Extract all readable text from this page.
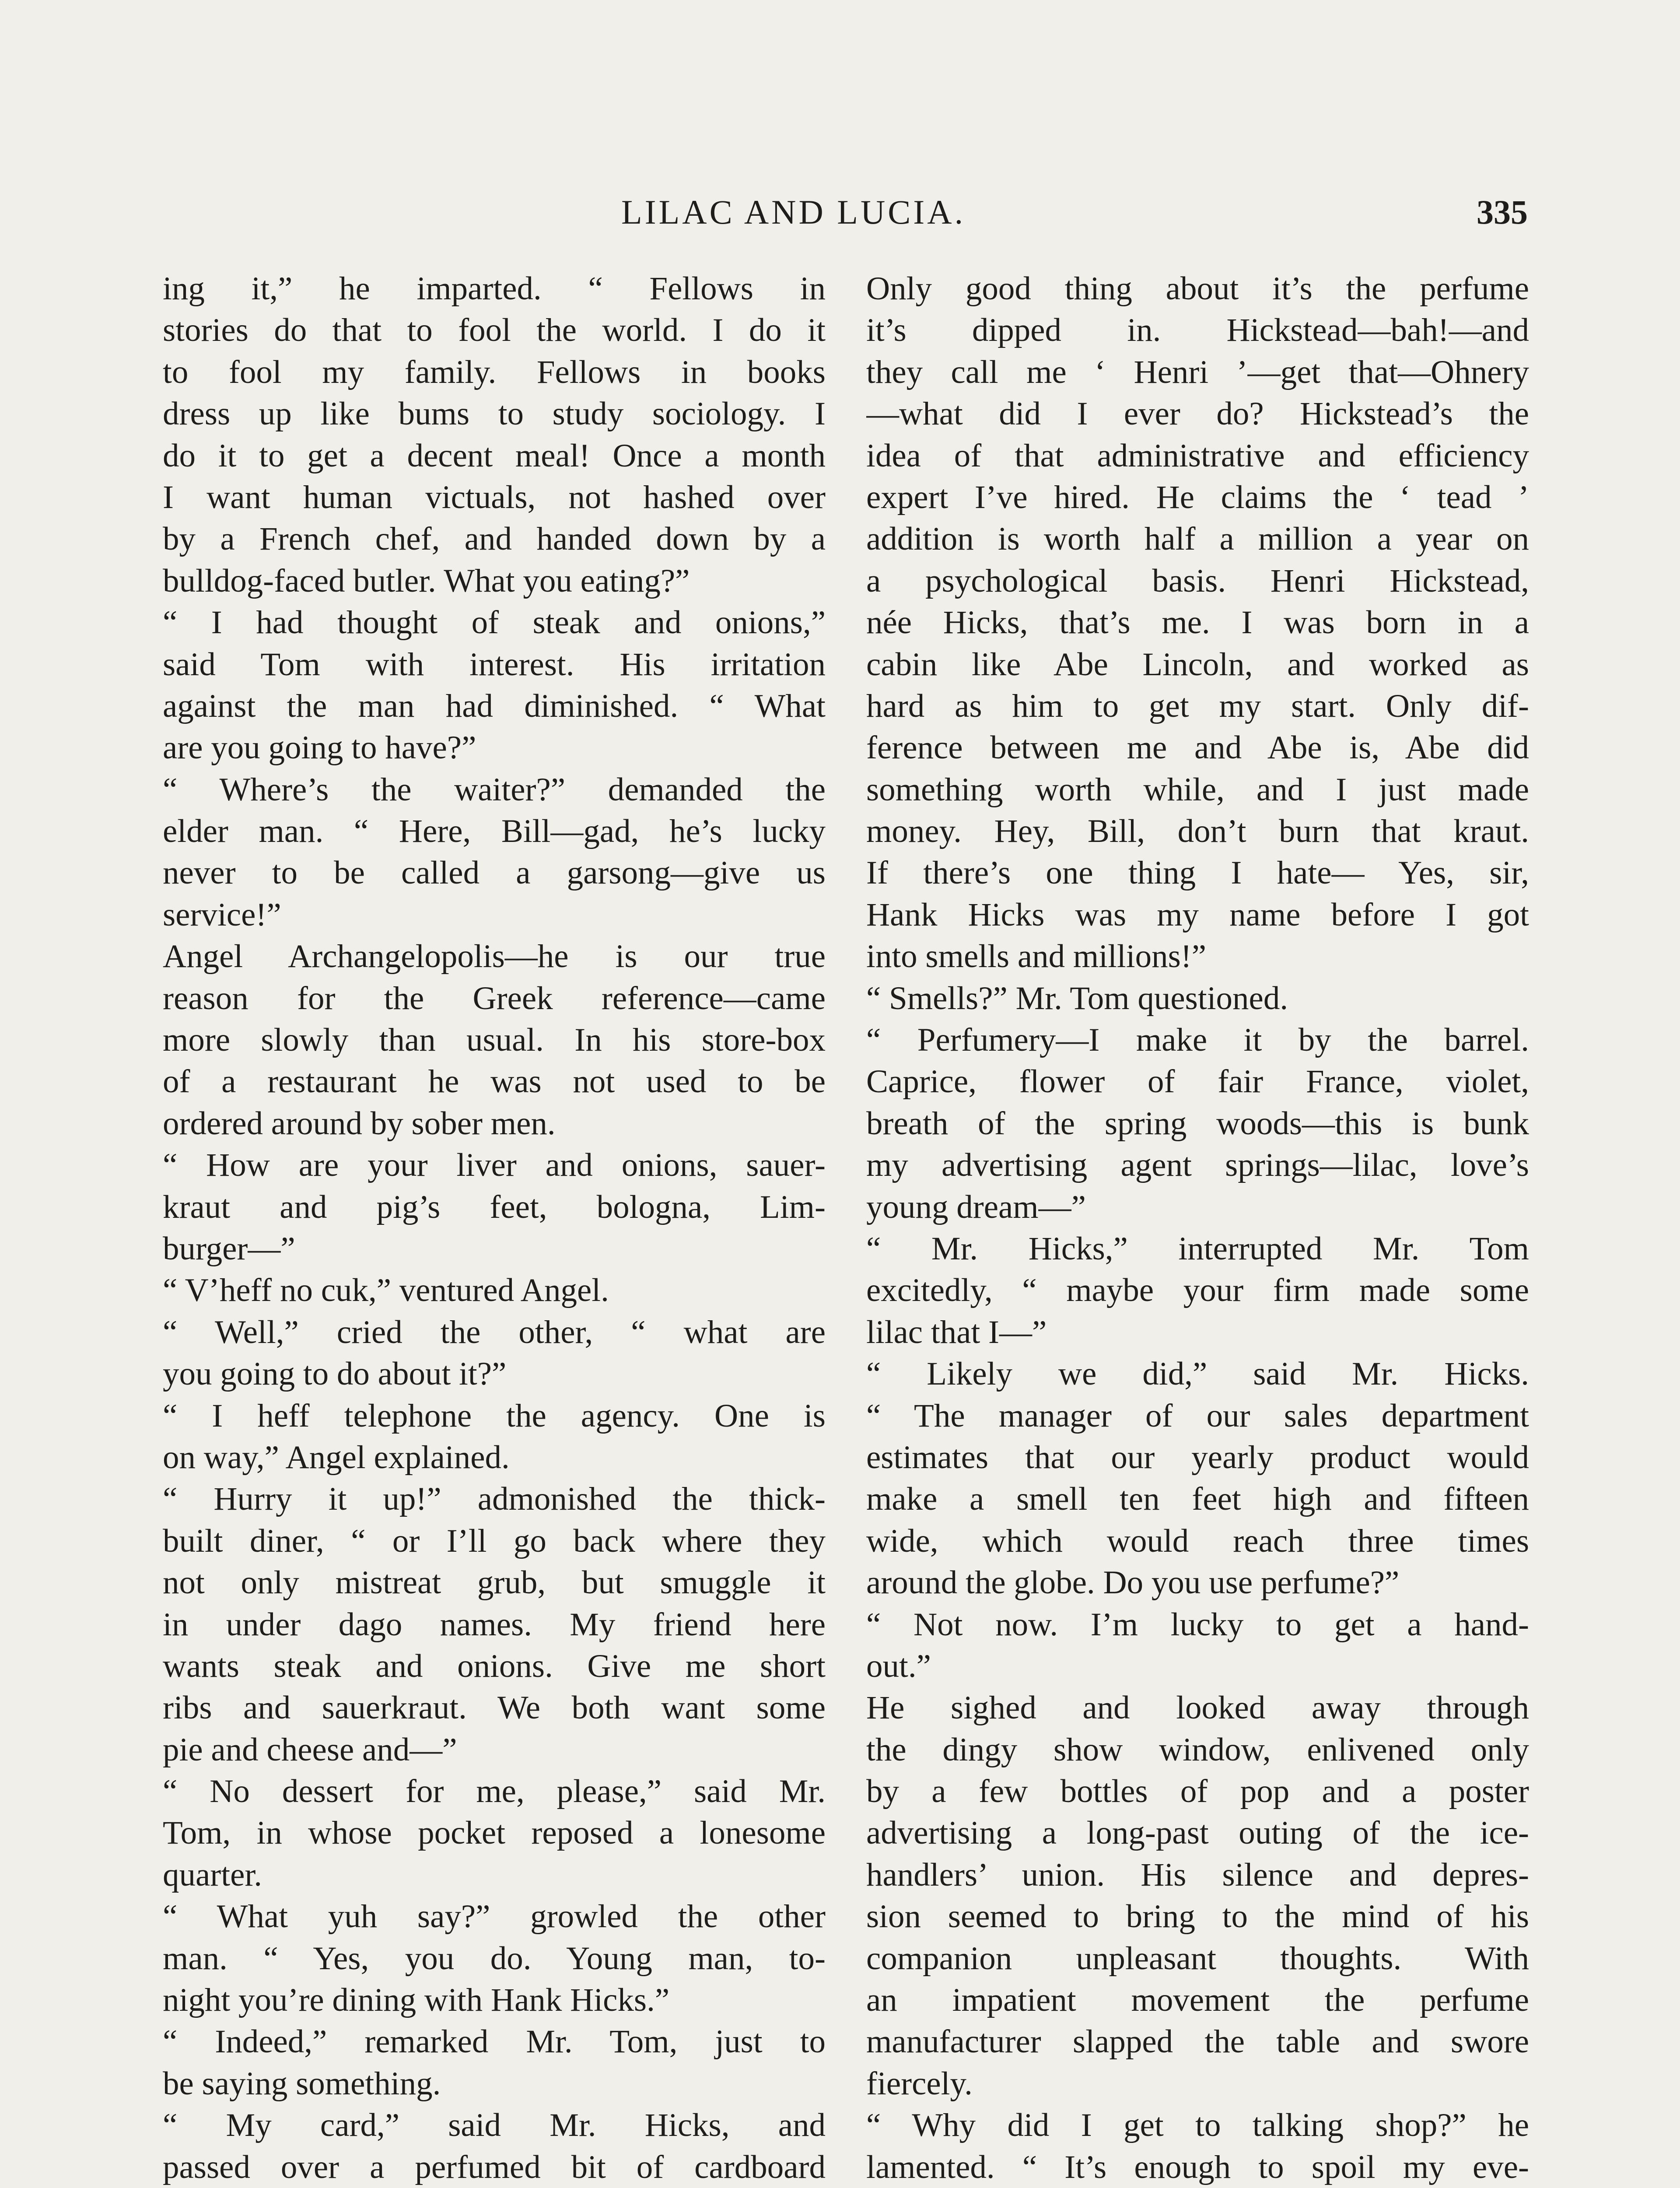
LILAC AND LUCIA.	335
ing it,” he imparted. “ Fellows in
stories do that to fool the world. I do it
to fool my family. Fellows in books
dress up like bums to study sociology. I
do it to get a decent meal! Once a month
I want human victuals, not hashed over
by a French chef, and handed down by a
bulldog-faced butler. What you eating?”
“ I had thought of steak and onions,”
said Tom with interest. His irritation
against the man had diminished. “ What
are you going to have?”
“ Where’s the waiter?” demanded the
elder man. “ Here, Bill—gad, he’s lucky
never to be called a garsong—give us
service!”
Angel Archangelopolis—he is our true
reason for the Greek reference—came
more slowly than usual. In his store-box
of a restaurant he was not used to be
ordered around by sober men.
“ How are your liver and onions, sauer-
kraut and pig’s feet, bologna, Lim-
burger—”
“ V’heff no cuk,” ventured Angel.
“ Well,” cried the other, “ what are
you going to do about it?”
“ I heff telephone the agency. One is
on way,” Angel explained.
“ Hurry it up!” admonished the thick-
built diner, “ or I’ll go back where they
not only mistreat grub, but smuggle it
in under dago names. My friend here
wants steak and onions. Give me short
ribs and sauerkraut. We both want some
pie and cheese and—”
“ No dessert for me, please,” said Mr.
Tom, in whose pocket reposed a lonesome
quarter.
“ What yuh say?” growled the other
man. “ Yes, you do. Young man, to-
night you’re dining with Hank Hicks.”
“ Indeed,” remarked Mr. Tom, just to
be saying something.
“ My card,” said Mr. Hicks, and
passed over a perfumed bit of cardboard
Only good thing about it’s the perfume
it’s dipped in. Hickstead—bah!—and
they call me ‘ Henri ’—get that—Ohnery
—what did I ever do? Hickstead’s the
idea of that administrative and efficiency
expert I’ve hired. He claims the ‘ tead ’
addition is worth half a million a year on
a psychological basis. Henri Hickstead,
née Hicks, that’s me. I was born in a
cabin like Abe Lincoln, and worked as
hard as him to get my start. Only dif-
ference between me and Abe is, Abe did
something worth while, and I just made
money. Hey, Bill, don’t burn that kraut.
If there’s one thing I hate— Yes, sir,
Hank Hicks was my name before I got
into smells and millions!”
“ Smells?” Mr. Tom questioned.
“ Perfumery—I make it by the barrel.
Caprice, flower of fair France, violet,
breath of the spring woods—this is bunk
my advertising agent springs—lilac, love’s
young dream—”
“ Mr. Hicks,” interrupted Mr. Tom
excitedly, “ maybe your firm made some
lilac that I—”
“ Likely we did,” said Mr. Hicks.
“ The manager of our sales department
estimates that our yearly product would
make a smell ten feet high and fifteen
wide, which would reach three times
around the globe. Do you use perfume?”
“ Not now. I’m lucky to get a hand-
out.”
He sighed and looked away through
the dingy show window, enlivened only
by a few bottles of pop and a poster
advertising a long-past outing of the ice-
handlers’ union. His silence and depres-
sion seemed to bring to the mind of his
companion unpleasant thoughts. With
an impatient movement the perfume
manufacturer slapped the table and swore
fiercely.
“ Why did I get to talking shop?” he
lamented. “ It’s enough to spoil my eve-
